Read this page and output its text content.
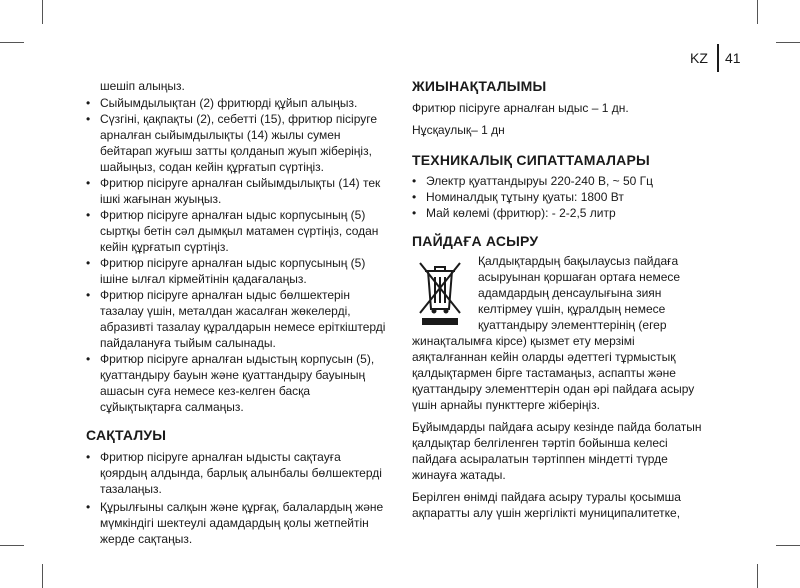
KZ 41

шешіп алыңыз.

• Сыйымдылықтан (2) фритюрді құйып алыңыз.
• Сүзгіні, қақпақты (2), себетті (15), фритюр пісіруге арналған сыйымдылықты (14) жылы сумен бейтарап жуғыш затты қолданып жуып жіберіңіз, шайыңыз, содан кейін құрғатып сүртіңіз.
• Фритюр пісіруге арналған сыйымдылықты (14) тек ішкі жағынан жуыңыз.
• Фритюр пісіруге арналған ыдыс корпусының (5) сыртқы бетін сәл дымқыл матамен сүртіңіз, содан кейін құрғатып сүртіңіз.
• Фритюр пісіруге арналған ыдыс корпусының (5) ішіне ылғал кірмейтінін қадағалаңыз.
• Фритюр пісіруге арналған ыдыс бөлшектерін тазалау үшін, металдан жасалған жөкелерді, абразивті тазалау құралдарын немесе еріткіштерді пайдалануға тыйым салынады.
• Фритюр пісіруге арналған ыдыстың корпусын (5), қуаттандыру бауын және қуаттандыру бауының ашасын суға немесе кез-келген басқа сұйықтықтарға салмаңыз.
САҚТАЛУЫ
• Фритюр пісіруге арналған ыдысты сақтауға қоярдың алдында, барлық алынбалы бөлшектерді тазалаңыз.
• Құрылғыны салқын және құрғақ, балалардың және мүмкіндігі шектеулі адамдардың қолы жетпейтін жерде сақтаңыз.
ЖИЫНАҚТАЛЫМЫ

Фритюр пісіруге арналған ыдыс – 1 дн.

Нұсқаулық– 1 дн

ТЕХНИКАЛЫҚ СИПАТТАМАЛАРЫ
• Электр қуаттандыруы 220-240 В, ~ 50 Гц
• Номиналдық тұтыну қуаты: 1800 Вт
• Май көлемі (фритюр): - 2-2,5 литр
ПАЙДАҒА АСЫРУ

Қалдықтардың бақылаусыз пайдаға асыруынан қоршаған ортаға немесе адамдардың денсаулығына зиян келтірмеу үшін, құралдың немесе қуаттандыру элементтерінің (егер жинақталымға кірсе) қызмет ету мерзімі аяқталғаннан кейін оларды әдеттегі тұрмыстық қалдықтармен бірге тастамаңыз, аспапты және қуаттандыру элементтерін одан әрі пайдаға асыру үшін арнайы пункттерге жіберіңіз.

Бұйымдарды пайдаға асыру кезінде пайда болатын қалдықтар белгіленген тәртіп бойынша келесі пайдаға асыралатын тәртіппен міндетті түрде жинауға жатады.

Берілген өнімді пайдаға асыру туралы қосымша ақпаратты алу үшін жергілікті муниципалитетке,
